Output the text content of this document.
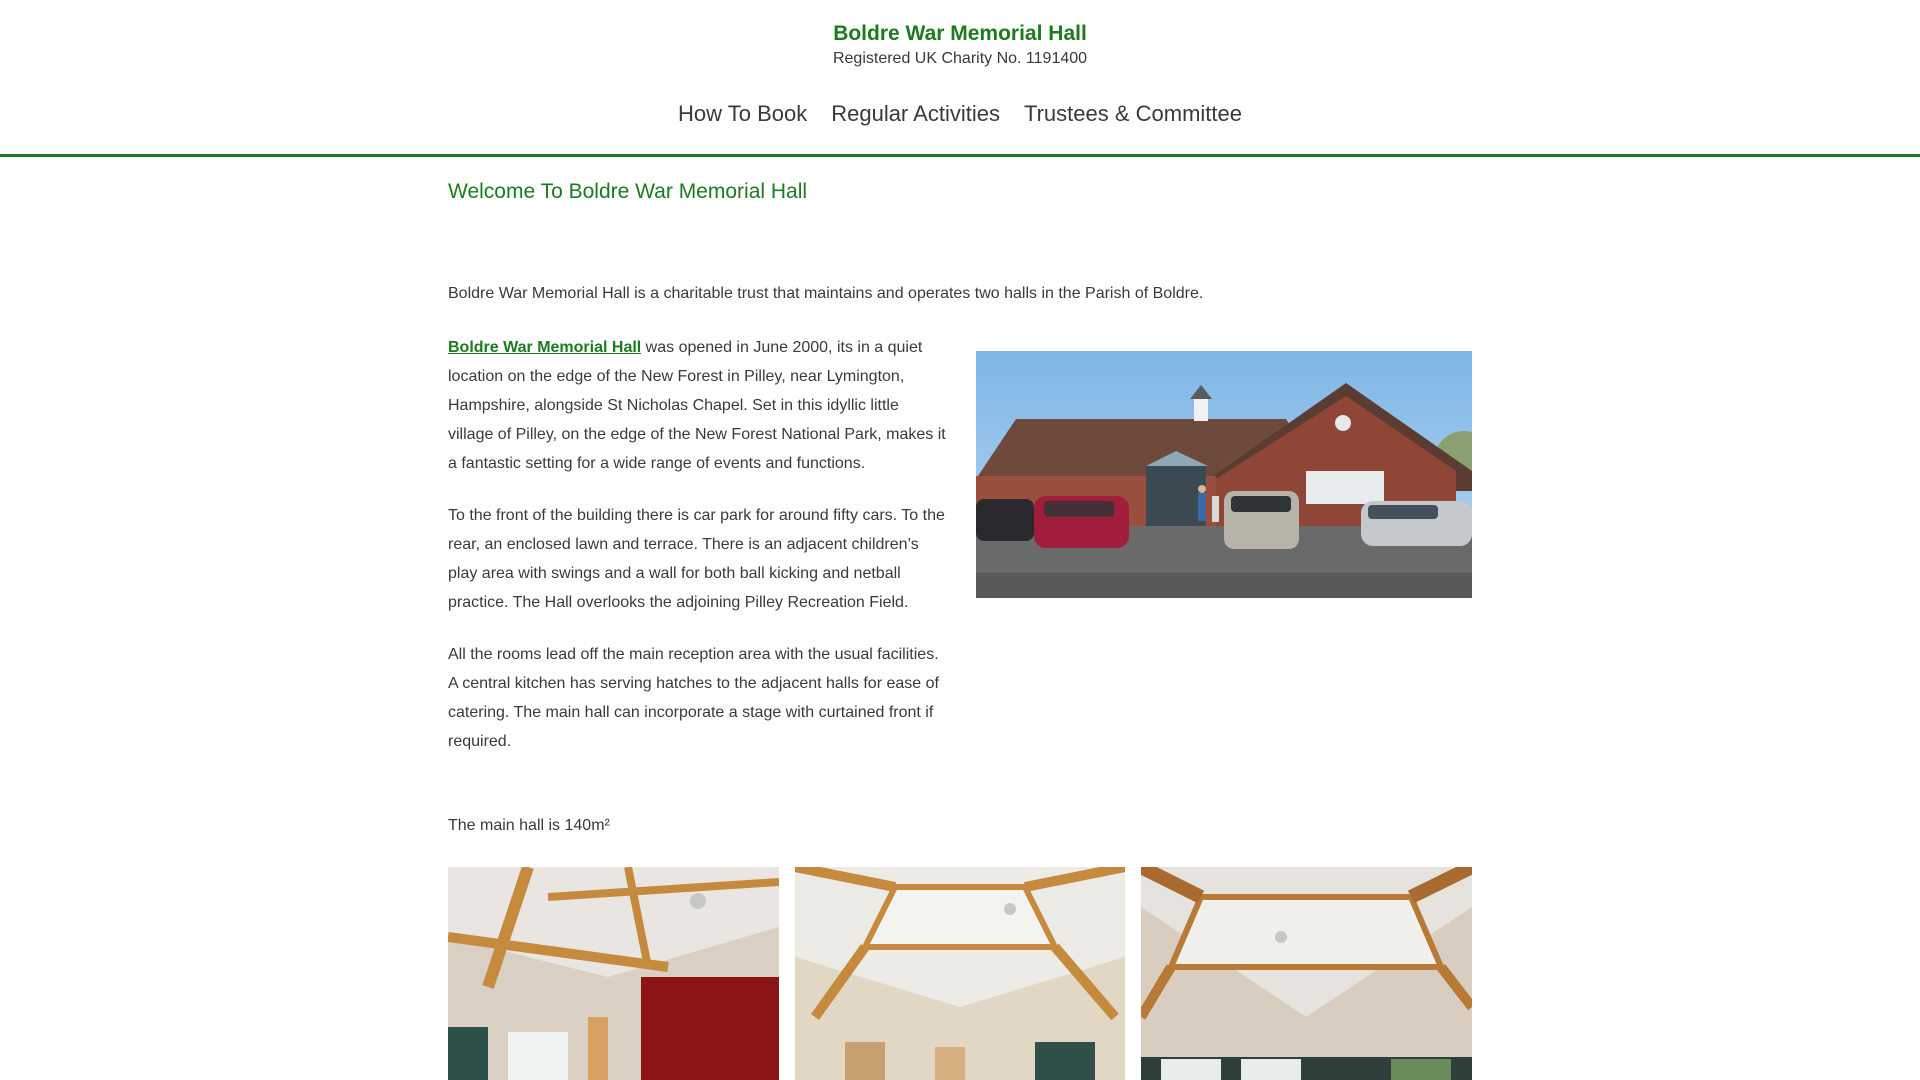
Boldre War Memorial Hall
Registered UK Charity No. 1191400
How To Book Regular Activities Trustees & Committee
Welcome To Boldre War Memorial Hall

Boldre War Memorial Hall is a charitable trust that maintains and operates two halls in the Parish of Boldre.

Boldre War Memorial Hall was opened in June 2000, its in a quiet location on the edge of the New Forest in Pilley, near Lymington, Hampshire, alongside St Nicholas Chapel. Set in this idyllic little village of Pilley, on the edge of the New Forest National Park, makes it a fantastic setting for a wide range of events and functions.

To the front of the building there is car park for around fifty cars. To the rear, an enclosed lawn and terrace. There is an adjacent children’s play area with swings and a wall for both ball kicking and netball practice. The Hall overlooks the adjoining Pilley Recreation Field.

All the rooms lead off the main reception area with the usual facilities. A central kitchen has serving hatches to the adjacent halls for ease of catering. The main hall can incorporate a stage with curtained front if required.

The main hall is 140m²
